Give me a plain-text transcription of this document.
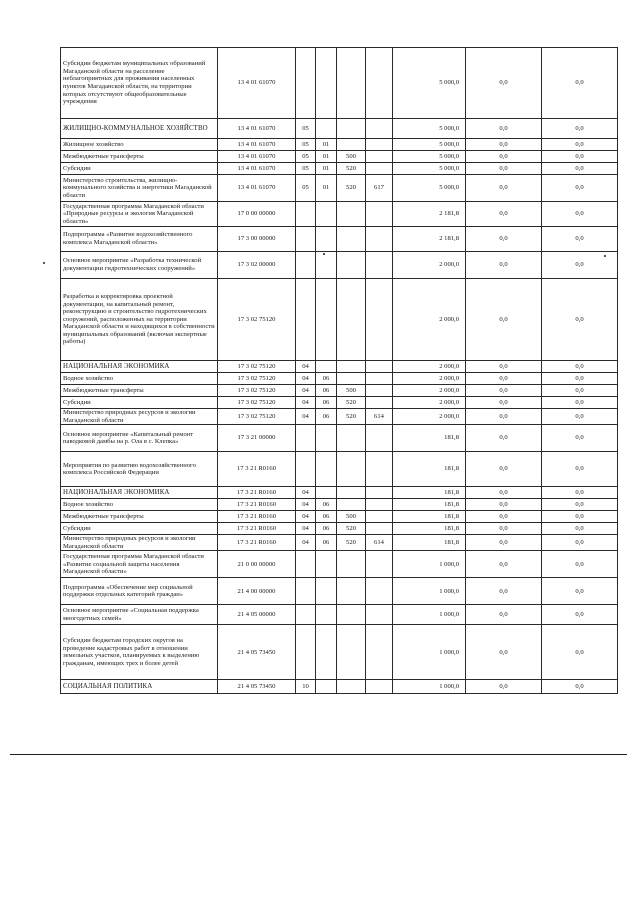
Субсидии бюджетам муниципальных образований Магаданской области на расселение неблагоприятных для проживания населенных пунктов Магаданской области, на территории которых отсутствуют общеобразовательные учреждения	13 4 01 61070					5 000,0	0,0	0,0
ЖИЛИЩНО-КОММУНАЛЬНОЕ ХОЗЯЙСТВО	13 4 01 61070	05				5 000,0	0,0	0,0
Жилищное хозяйство	13 4 01 61070	05	01			5 000,0	0,0	0,0
Межбюджетные трансферты	13 4 01 61070	05	01	500		5 000,0	0,0	0,0
Субсидии	13 4 01 61070	05	01	520		5 000,0	0,0	0,0
Министерство строительства, жилищно-коммунального хозяйства и энергетики Магаданской области	13 4 01 61070	05	01	520	617	5 000,0	0,0	0,0
Государственная программа Магаданской области «Природные ресурсы и экология Магаданской области»	17 0 00 00000					2 181,8	0,0	0,0
Подпрограмма «Развитие водохозяйственного комплекса Магаданской области»	17 3 00 00000					2 181,8	0,0	0,0
Основное мероприятие «Разработка технической документации гидротехнических сооружений»	17 3 02 00000					2 000,0	0,0	0,0
Разработка и корректировка проектной документации, на капитальный ремонт, реконструкцию и строительство гидротехнических сооружений, расположенных на территории Магаданской области и находящихся в собственности муниципальных образований (включая экспертные работы)	17 3 02 75120					2 000,0	0,0	0,0
НАЦИОНАЛЬНАЯ ЭКОНОМИКА	17 3 02 75120	04				2 000,0	0,0	0,0
Водное хозяйство	17 3 02 75120	04	06			2 000,0	0,0	0,0
Межбюджетные трансферты	17 3 02 75120	04	06	500		2 000,0	0,0	0,0
Субсидии	17 3 02 75120	04	06	520		2 000,0	0,0	0,0
Министерство природных ресурсов и экологии Магаданской области	17 3 02 75120	04	06	520	614	2 000,0	0,0	0,0
Основное мероприятие «Капитальный ремонт паводковой дамбы на р. Ола в с. Клепка»	17 3 21 00000					181,8	0,0	0,0
Мероприятия по развитию водохозяйственного комплекса Российской Федерации	17 3 21 R0160					181,8	0,0	0,0
НАЦИОНАЛЬНАЯ ЭКОНОМИКА	17 3 21 R0160	04				181,8	0,0	0,0
Водное хозяйство	17 3 21 R0160	04	06			181,8	0,0	0,0
Межбюджетные трансферты	17 3 21 R0160	04	06	500		181,8	0,0	0,0
Субсидии	17 3 21 R0160	04	06	520		181,8	0,0	0,0
Министерство природных ресурсов и экологии Магаданской области	17 3 21 R0160	04	06	520	614	181,8	0,0	0,0
Государственная программа Магаданской области «Развитие социальной защиты населения Магаданской области»	21 0 00 00000					1 000,0	0,0	0,0
Подпрограмма «Обеспечение мер социальной поддержки отдельных категорий граждан»	21 4 00 00000					1 000,0	0,0	0,0
Основное мероприятие «Социальная поддержка многодетных семей»	21 4 05 00000					1 000,0	0,0	0,0
Субсидии бюджетам городских округов на проведение кадастровых работ в отношении земельных участков, планируемых к выделению гражданам, имеющих трех и более детей	21 4 05 73450					1 000,0	0,0	0,0
СОЦИАЛЬНАЯ ПОЛИТИКА	21 4 05 73450	10				1 000,0	0,0	0,0
